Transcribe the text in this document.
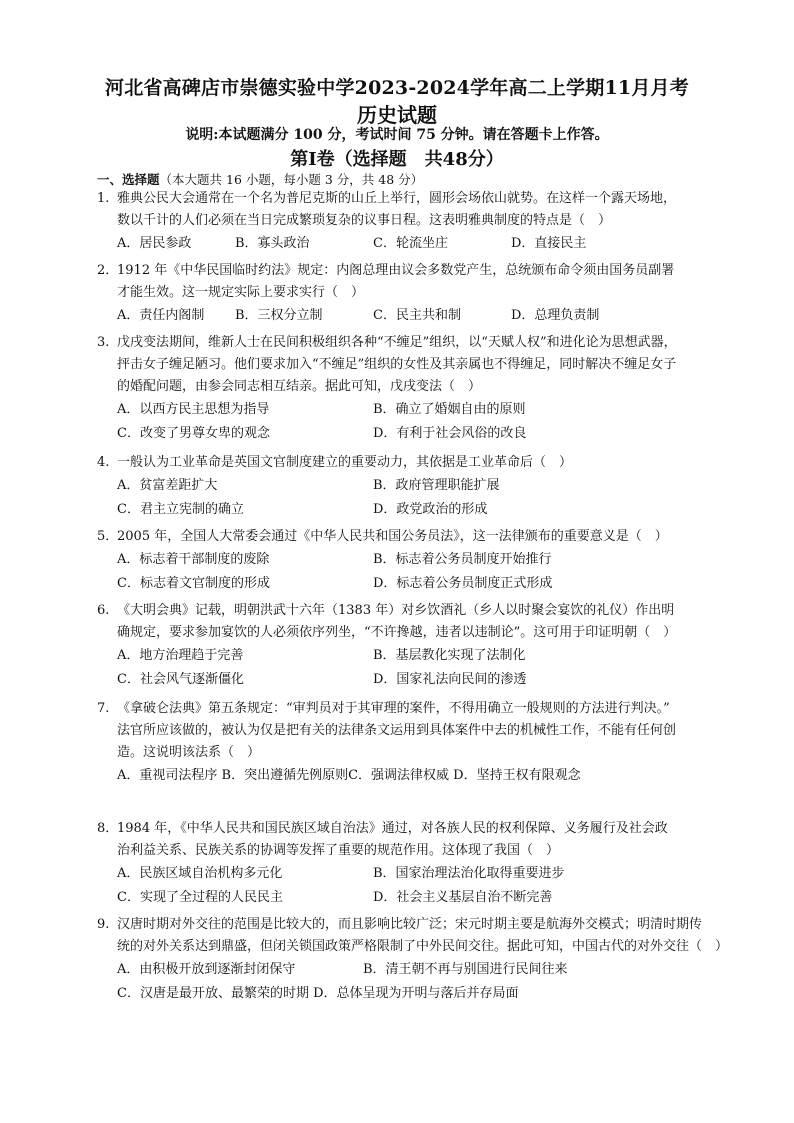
河北省高碑店市崇德实验中学2023-2024学年高二上学期11月月考
历史试题
说明:本试题满分 100 分，考试时间 75 分钟。请在答题卡上作答。
第Ⅰ卷（选择题　共48分）
一、选择题（本大题共 16 小题，每小题 3 分，共 48 分）
1. 雅典公民大会通常在一个名为普尼克斯的山丘上举行，圆形会场依山就势。在这样一个露天场地，
数以千计的人们必须在当日完成繁琐复杂的议事日程。这表明雅典制度的特点是（　）
A．居民参政	B．寡头政治	C．轮流坐庄	D．直接民主
2．1912 年《中华民国临时约法》规定：内阁总理由议会多数党产生，总统颁布命令须由国务员副署
才能生效。这一规定实际上要求实行（　）
A．责任内阁制 B．三权分立制	C．民主共和制	D．总理负责制
3. 戊戌变法期间，维新人士在民间积极组织各种“不缠足”组织，以“天赋人权”和进化论为思想武器，
抨击女子缠足陋习。他们要求加入“不缠足”组织的女性及其亲属也不得缠足，同时解决不缠足女子
的婚配问题，由参会同志相互结亲。据此可知，戊戌变法（　）
A．以西方民主思想为指导	B．确立了婚姻自由的原则
C．改变了男尊女卑的观念	D．有利于社会风俗的改良
4. 一般认为工业革命是英国文官制度建立的重要动力，其依据是工业革命后（　）
A．贫富差距扩大	B．政府管理职能扩展
C．君主立宪制的确立	D．政党政治的形成
5．2005 年，全国人大常委会通过《中华人民共和国公务员法》，这一法律颁布的重要意义是（　）
A．标志着干部制度的废除	B．标志着公务员制度开始推行
C．标志着文官制度的形成	D．标志着公务员制度正式形成
6. 《大明会典》记载，明朝洪武十六年（1383 年）对乡饮酒礼（乡人以时聚会宴饮的礼仪）作出明
确规定，要求参加宴饮的人必须依序列坐，“不许搀越，违者以违制论”。这可用于印证明朝（　）
A．地方治理趋于完善	B．基层教化实现了法制化
C．社会风气逐渐僵化	D．国家礼法向民间的渗透
7. 《拿破仑法典》第五条规定：“审判员对于其审理的案件，不得用确立一般规则的方法进行判决。”
法官所应该做的，被认为仅是把有关的法律条文运用到具体案件中去的机械性工作，不能有任何创
造。这说明该法系（　）
A．重视司法程序 B．突出遵循先例原则C．强调法律权威 D．坚持王权有限观念
8．1984 年，《中华人民共和国民族区域自治法》通过，对各族人民的权利保障、义务履行及社会政
治利益关系、民族关系的协调等发挥了重要的规范作用。这体现了我国（　）
A．民族区域自治机构多元化	B．国家治理法治化取得重要进步
C．实现了全过程的人民民主	D．社会主义基层自治不断完善
9. 汉唐时期对外交往的范围是比较大的，而且影响比较广泛；宋元时期主要是航海外交模式；明清时期传
统的对外关系达到鼎盛，但闭关锁国政策严格限制了中外民间交往。据此可知，中国古代的对外交往（　）
A．由积极开放到逐渐封闭保守	B．清王朝不再与别国进行民间往来
C．汉唐是最开放、最繁荣的时期 D．总体呈现为开明与落后并存局面
